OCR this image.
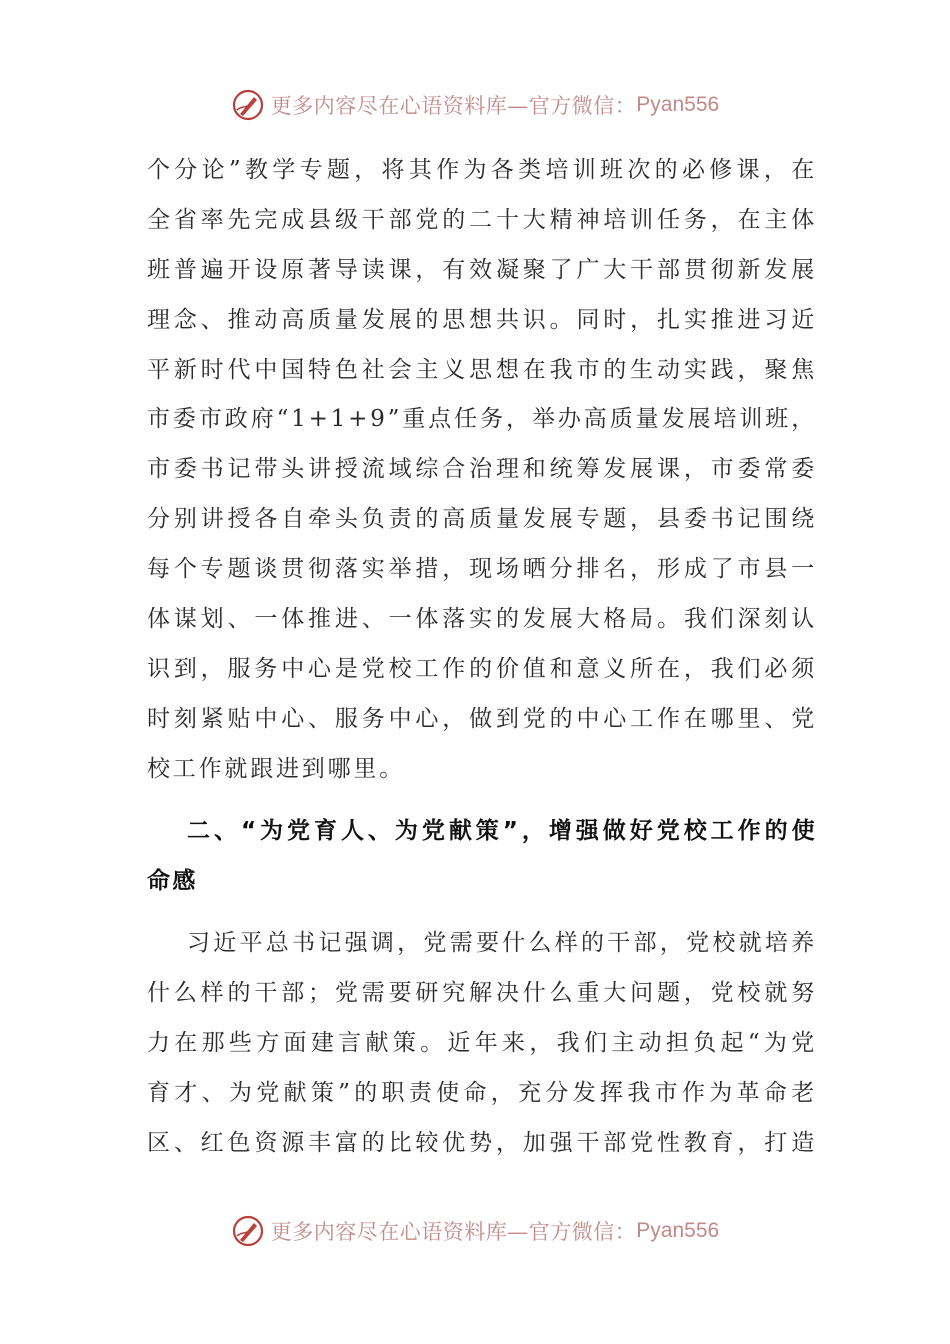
更多内容尽在心语资料库—官方微信： Pyan556
个分论”教学专题，将其作为各类培训班次的必修课，在
全省率先完成县级干部党的二十大精神培训任务，在主体
班普遍开设原著导读课，有效凝聚了广大干部贯彻新发展
理念、推动高质量发展的思想共识。同时，扎实推进习近
平新时代中国特色社会主义思想在我市的生动实践，聚焦
市委市政府“1+1+9”重点任务，举办高质量发展培训班，
市委书记带头讲授流域综合治理和统筹发展课，市委常委
分别讲授各自牵头负责的高质量发展专题，县委书记围绕
每个专题谈贯彻落实举措，现场晒分排名，形成了市县一
体谋划、一体推进、一体落实的发展大格局。我们深刻认
识到，服务中心是党校工作的价值和意义所在，我们必须
时刻紧贴中心、服务中心，做到党的中心工作在哪里、党
校工作就跟进到哪里。
二、“为党育人、为党献策”，增强做好党校工作的使
命感
习近平总书记强调，党需要什么样的干部，党校就培养
什么样的干部；党需要研究解决什么重大问题，党校就努
力在那些方面建言献策。近年来，我们主动担负起“为党
育才、为党献策”的职责使命，充分发挥我市作为革命老
区、红色资源丰富的比较优势，加强干部党性教育，打造
更多内容尽在心语资料库—官方微信： Pyan556
